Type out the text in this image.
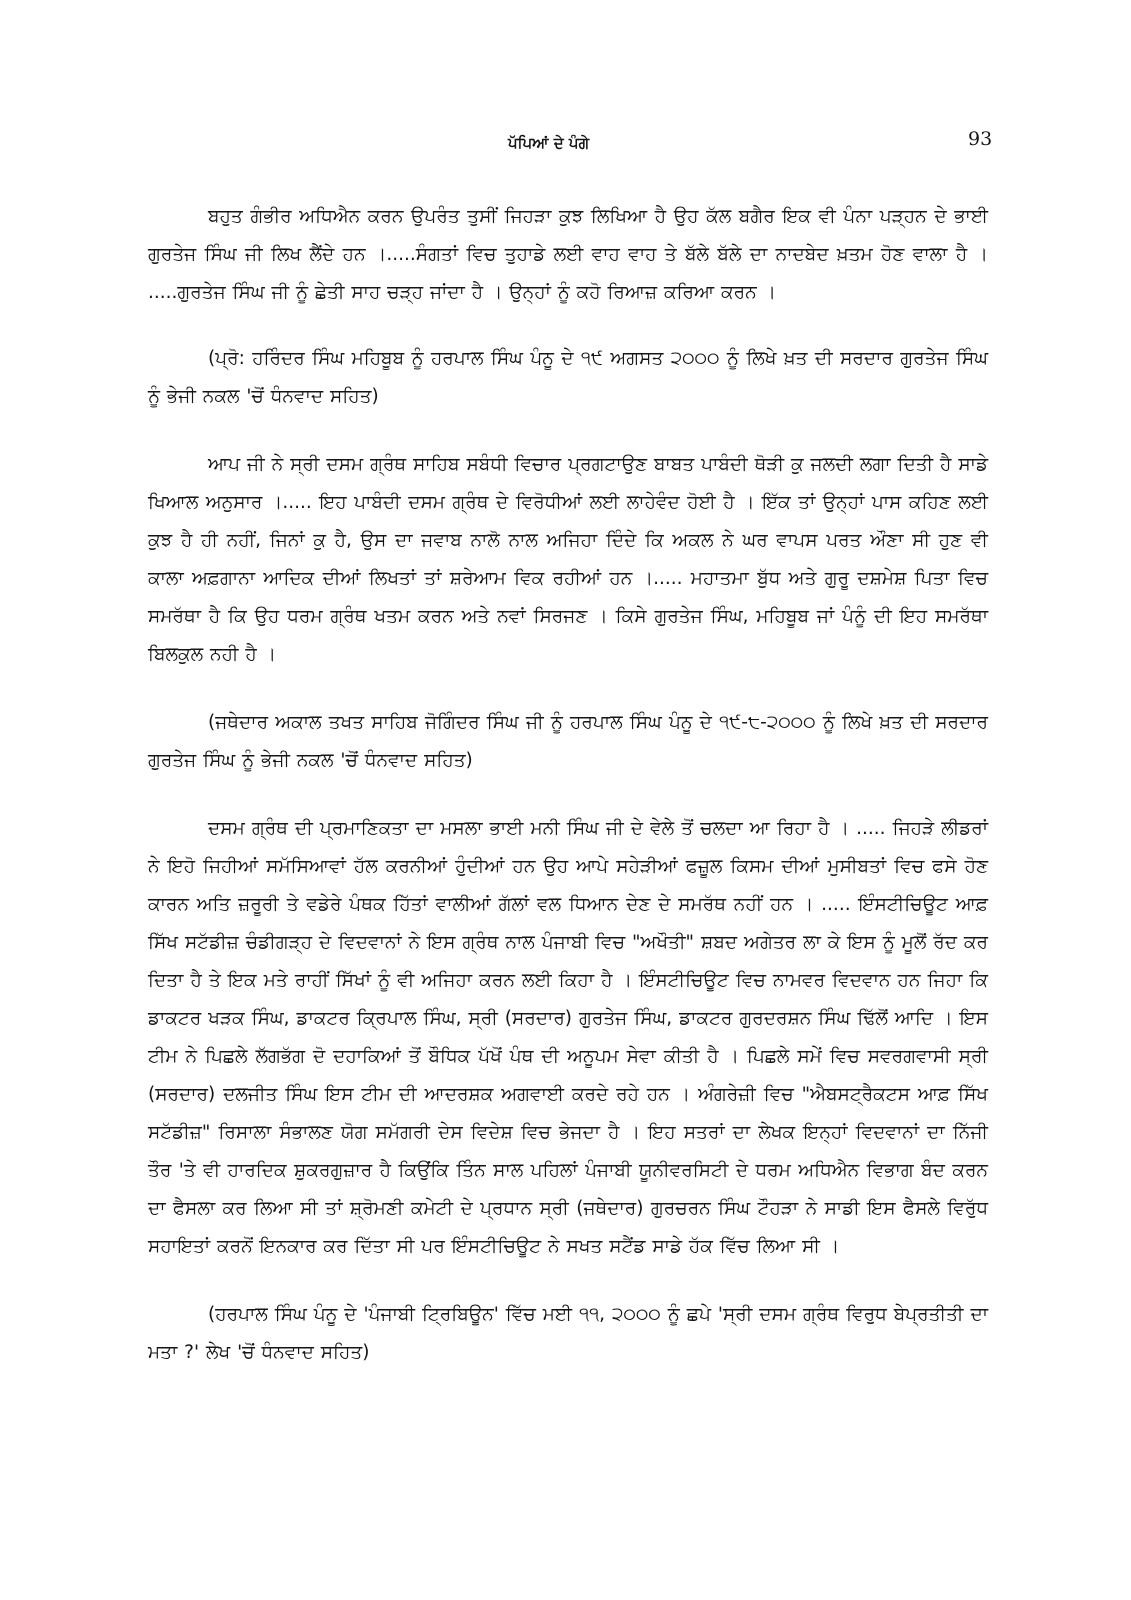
ਪੱਪਿਆਂ ਦੇ ਪੰਗੇ	93

ਬਹੁਤ ਗੰਭੀਰ ਅਧਿਐਨ ਕਰਨ ਉਪਰੰਤ ਤੁਸੀਂ ਜਿਹੜਾ ਕੁਝ ਲਿਖਿਆ ਹੈ ਉਹ ਕੱਲ ਬਗੈਰ ਇਕ ਵੀ ਪੰਨਾ ਪੜ੍ਹਨ ਦੇ ਭਾਈ ਗੁਰਤੇਜ ਸਿੰਘ ਜੀ ਲਿਖ ਲੈਂਦੇ ਹਨ ।.....ਸੰਗਤਾਂ ਵਿਚ ਤੁਹਾਡੇ ਲਈ ਵਾਹ ਵਾਹ ਤੇ ਬੱਲੇ ਬੱਲੇ ਦਾ ਨਾਦਬੇਦ ਖ਼ਤਮ ਹੋਣ ਵਾਲਾ ਹੈ । .....ਗੁਰਤੇਜ ਸਿੰਘ ਜੀ ਨੂੰ ਛੇਤੀ ਸਾਹ ਚੜ੍ਹ ਜਾਂਦਾ ਹੈ । ਉਨ੍ਹਾਂ ਨੂੰ ਕਹੋ ਰਿਆਜ਼ ਕਰਿਆ ਕਰਨ ।

(ਪ੍ਰੋ: ਹਰਿੰਦਰ ਸਿੰਘ ਮਹਿਬੂਬ ਨੂੰ ਹਰਪਾਲ ਸਿੰਘ ਪੰਨੂ ਦੇ ੧੯ ਅਗਸਤ ੨੦੦੦ ਨੂੰ ਲਿਖੇ ਖ਼ਤ ਦੀ ਸਰਦਾਰ ਗੁਰਤੇਜ ਸਿੰਘ ਨੂੰ ਭੇਜੀ ਨਕਲ 'ਚੋਂ ਧੰਨਵਾਦ ਸਹਿਤ)

ਆਪ ਜੀ ਨੇ ਸ੍ਰੀ ਦਸਮ ਗ੍ਰੰਥ ਸਾਹਿਬ ਸਬੰਧੀ ਵਿਚਾਰ ਪ੍ਰਗਟਾਉਣ ਬਾਬਤ ਪਾਬੰਦੀ ਥੋੜੀ ਕੁ ਜਲਦੀ ਲਗਾ ਦਿਤੀ ਹੈ ਸਾਡੇ ਖਿਆਲ ਅਨੁਸਾਰ ।..... ਇਹ ਪਾਬੰਦੀ ਦਸਮ ਗ੍ਰੰਥ ਦੇ ਵਿਰੋਧੀਆਂ ਲਈ ਲਾਹੇਵੰਦ ਹੋਈ ਹੈ । ਇੱਕ ਤਾਂ ਉਨ੍ਹਾਂ ਪਾਸ ਕਹਿਣ ਲਈ ਕੁਝ ਹੈ ਹੀ ਨਹੀਂ, ਜਿਨਾਂ ਕੁ ਹੈ, ਉਸ ਦਾ ਜਵਾਬ ਨਾਲੋ ਨਾਲ ਅਜਿਹਾ ਦਿੰਦੇ ਕਿ ਅਕਲ ਨੇ ਘਰ ਵਾਪਸ ਪਰਤ ਔਣਾ ਸੀ ਹੁਣ ਵੀ ਕਾਲਾ ਅਫ਼ਗਾਨਾ ਆਦਿਕ ਦੀਆਂ ਲਿਖਤਾਂ ਤਾਂ ਸ਼ਰੇਆਮ ਵਿਕ ਰਹੀਆਂ ਹਨ ।..... ਮਹਾਤਮਾ ਬੁੱਧ ਅਤੇ ਗੁਰੂ ਦਸ਼ਮੇਸ਼ ਪਿਤਾ ਵਿਚ ਸਮਰੱਥਾ ਹੈ ਕਿ ਉਹ ਧਰਮ ਗ੍ਰੰਥ ਖਤਮ ਕਰਨ ਅਤੇ ਨਵਾਂ ਸਿਰਜਣ । ਕਿਸੇ ਗੁਰਤੇਜ ਸਿੰਘ, ਮਹਿਬੂਬ ਜਾਂ ਪੰਨੂੰ ਦੀ ਇਹ ਸਮਰੱਥਾ ਬਿਲਕੁਲ ਨਹੀ ਹੈ ।

(ਜਥੇਦਾਰ ਅਕਾਲ ਤਖਤ ਸਾਹਿਬ ਜੋਗਿੰਦਰ ਸਿੰਘ ਜੀ ਨੂੰ ਹਰਪਾਲ ਸਿੰਘ ਪੰਨੂ ਦੇ ੧੯-੮-੨੦੦੦ ਨੂੰ ਲਿਖੇ ਖ਼ਤ ਦੀ ਸਰਦਾਰ ਗੁਰਤੇਜ ਸਿੰਘ ਨੂੰ ਭੇਜੀ ਨਕਲ 'ਚੋਂ ਧੰਨਵਾਦ ਸਹਿਤ)

ਦਸਮ ਗ੍ਰੰਥ ਦੀ ਪ੍ਰਮਾਣਿਕਤਾ ਦਾ ਮਸਲਾ ਭਾਈ ਮਨੀ ਸਿੰਘ ਜੀ ਦੇ ਵੇਲੇ ਤੋਂ ਚਲਦਾ ਆ ਰਿਹਾ ਹੈ । ..... ਜਿਹੜੇ ਲੀਡਰਾਂ ਨੇ ਇਹੋ ਜਿਹੀਆਂ ਸਮੱਸਿਆਵਾਂ ਹੱਲ ਕਰਨੀਆਂ ਹੁੰਦੀਆਂ ਹਨ ਉਹ ਆਪੇ ਸਹੇੜੀਆਂ ਫਜ਼ੂਲ ਕਿਸਮ ਦੀਆਂ ਮੁਸੀਬਤਾਂ ਵਿਚ ਫਸੇ ਹੋਣ ਕਾਰਨ ਅਤਿ ਜ਼ਰੂਰੀ ਤੇ ਵਡੇਰੇ ਪੰਥਕ ਹਿੱਤਾਂ ਵਾਲੀਆਂ ਗੱਲਾਂ ਵਲ ਧਿਆਨ ਦੇਣ ਦੇ ਸਮਰੱਥ ਨਹੀਂ ਹਨ । ..... ਇੰਸਟੀਚਿਊਟ ਆਫ਼ ਸਿੱਖ ਸਟੱਡੀਜ਼ ਚੰਡੀਗੜ੍ਹ ਦੇ ਵਿਦਵਾਨਾਂ ਨੇ ਇਸ ਗ੍ਰੰਥ ਨਾਲ ਪੰਜਾਬੀ ਵਿਚ "ਅਖੌਤੀ" ਸ਼ਬਦ ਅਗੇਤਰ ਲਾ ਕੇ ਇਸ ਨੂੰ ਮੂਲੋਂ ਰੱਦ ਕਰ ਦਿਤਾ ਹੈ ਤੇ ਇਕ ਮਤੇ ਰਾਹੀਂ ਸਿੱਖਾਂ ਨੂੰ ਵੀ ਅਜਿਹਾ ਕਰਨ ਲਈ ਕਿਹਾ ਹੈ । ਇੰਸਟੀਚਿਊਟ ਵਿਚ ਨਾਮਵਰ ਵਿਦਵਾਨ ਹਨ ਜਿਹਾ ਕਿ ਡਾਕਟਰ ਖੜਕ ਸਿੰਘ, ਡਾਕਟਰ ਕ੍ਰਿਪਾਲ ਸਿੰਘ, ਸ੍ਰੀ (ਸਰਦਾਰ) ਗੁਰਤੇਜ ਸਿੰਘ, ਡਾਕਟਰ ਗੁਰਦਰਸ਼ਨ ਸਿੰਘ ਢਿੱਲੋਂ ਆਦਿ । ਇਸ ਟੀਮ ਨੇ ਪਿਛਲੇ ਲੱਗਭੱਗ ਦੋ ਦਹਾਕਿਆਂ ਤੋਂ ਬੌਧਿਕ ਪੱਖੋਂ ਪੰਥ ਦੀ ਅਨੂਪਮ ਸੇਵਾ ਕੀਤੀ ਹੈ । ਪਿਛਲੇ ਸਮੇਂ ਵਿਚ ਸਵਰਗਵਾਸੀ ਸ੍ਰੀ (ਸਰਦਾਰ) ਦਲਜੀਤ ਸਿੰਘ ਇਸ ਟੀਮ ਦੀ ਆਦਰਸ਼ਕ ਅਗਵਾਈ ਕਰਦੇ ਰਹੇ ਹਨ । ਅੰਗਰੇਜ਼ੀ ਵਿਚ "ਐਬਸਟ੍ਰੈਕਟਸ ਆਫ਼ ਸਿੱਖ ਸਟੱਡੀਜ਼" ਰਿਸਾਲਾ ਸੰਭਾਲਣ ਯੋਗ ਸਮੱਗਰੀ ਦੇਸ ਵਿਦੇਸ਼ ਵਿਚ ਭੇਜਦਾ ਹੈ । ਇਹ ਸਤਰਾਂ ਦਾ ਲੇਖਕ ਇਨ੍ਹਾਂ ਵਿਦਵਾਨਾਂ ਦਾ ਨਿੱਜੀ ਤੌਰ 'ਤੇ ਵੀ ਹਾਰਦਿਕ ਸ਼ੁਕਰਗੁਜ਼ਾਰ ਹੈ ਕਿਉਂਕਿ ਤਿੰਨ ਸਾਲ ਪਹਿਲਾਂ ਪੰਜਾਬੀ ਯੂਨੀਵਰਸਿਟੀ ਦੇ ਧਰਮ ਅਧਿਐਨ ਵਿਭਾਗ ਬੰਦ ਕਰਨ ਦਾ ਫੈਸਲਾ ਕਰ ਲਿਆ ਸੀ ਤਾਂ ਸ਼੍ਰੋਮਣੀ ਕਮੇਟੀ ਦੇ ਪ੍ਰਧਾਨ ਸ੍ਰੀ (ਜਥੇਦਾਰ) ਗੁਰਚਰਨ ਸਿੰਘ ਟੌਹੜਾ ਨੇ ਸਾਡੀ ਇਸ ਫੈਸਲੇ ਵਿਰੁੱਧ ਸਹਾਇਤਾਂ ਕਰਨੋਂ ਇਨਕਾਰ ਕਰ ਦਿੱਤਾ ਸੀ ਪਰ ਇੰਸਟੀਚਿਊਟ ਨੇ ਸਖਤ ਸਟੈਂਡ ਸਾਡੇ ਹੱਕ ਵਿੱਚ ਲਿਆ ਸੀ ।

(ਹਰਪਾਲ ਸਿੰਘ ਪੰਨੂ ਦੇ 'ਪੰਜਾਬੀ ਟ੍ਰਿਬਿਊਨ' ਵਿੱਚ ਮਈ ੧੧, ੨੦੦੦ ਨੂੰ ਛਪੇ 'ਸ੍ਰੀ ਦਸਮ ਗ੍ਰੰਥ ਵਿਰੁਧ ਬੇਪ੍ਰਤੀਤੀ ਦਾ ਮਤਾ ?' ਲੇਖ 'ਚੋਂ ਧੰਨਵਾਦ ਸਹਿਤ)
